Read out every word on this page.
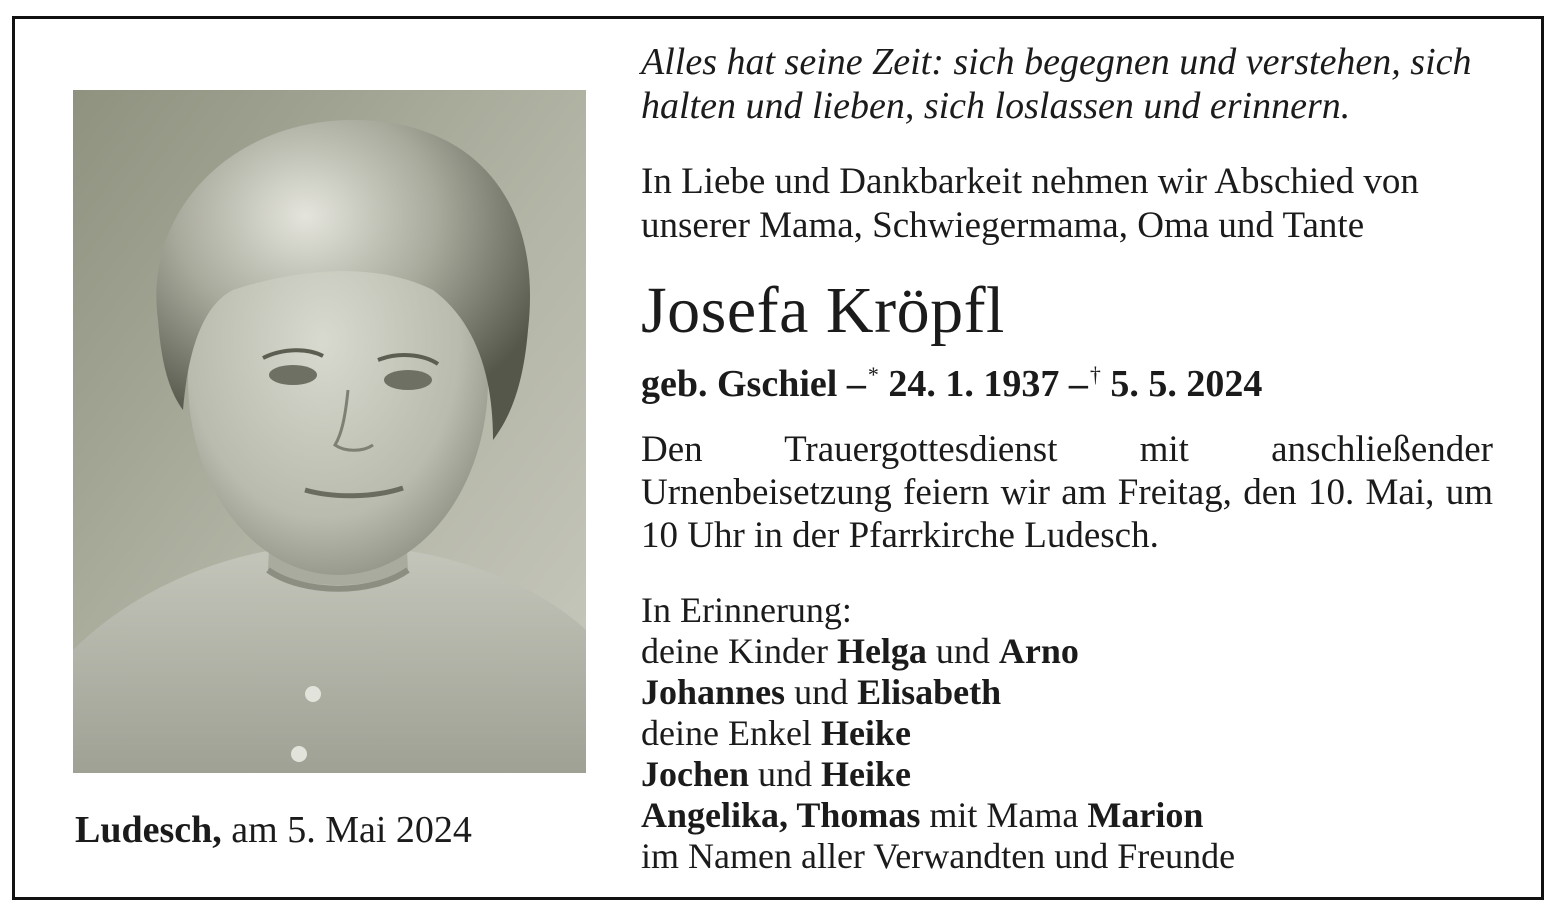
Ludesch, am 5. Mai 2024
Alles hat seine Zeit: sich begegnen und verstehen, sich
halten und lieben, sich loslassen und erinnern.
In Liebe und Dankbarkeit nehmen wir Abschied von
unserer Mama, Schwiegermama, Oma und Tante
Josefa Kröpfl
geb. Gschiel –* 24. 1. 1937 –† 5. 5. 2024
Den Trauergottesdienst mit anschließender Urnenbeisetzung feiern wir am Freitag, den 10. Mai, um 10 Uhr in der Pfarrkirche Ludesch.
In Erinnerung:
deine Kinder Helga und Arno
Johannes und Elisabeth
deine Enkel Heike
Jochen und Heike
Angelika, Thomas mit Mama Marion
im Namen aller Verwandten und Freunde
